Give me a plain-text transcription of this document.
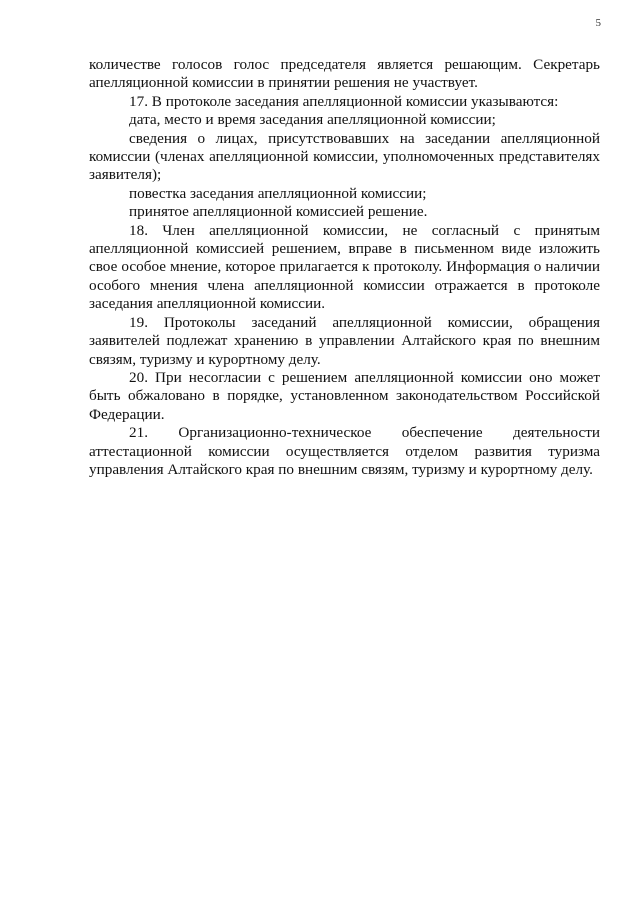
5

количестве голосов голос председателя является решающим. Секретарь апелляционной комиссии в принятии решения не участвует.

17. В протоколе заседания апелляционной комиссии указываются:

дата, место и время заседания апелляционной комиссии;

сведения о лицах, присутствовавших на заседании апелляционной комиссии (членах апелляционной комиссии, уполномоченных представителях заявителя);

повестка заседания апелляционной комиссии;

принятое апелляционной комиссией решение.

18. Член апелляционной комиссии, не согласный с принятым апелляционной комиссией решением, вправе в письменном виде изложить свое особое мнение, которое прилагается к протоколу. Информация о наличии особого мнения члена апелляционной комиссии отражается в протоколе заседания апелляционной комиссии.

19. Протоколы заседаний апелляционной комиссии, обращения заявителей подлежат хранению в управлении Алтайского края по внешним связям, туризму и курортному делу.

20. При несогласии с решением апелляционной комиссии оно может быть обжаловано в порядке, установленном законодательством Российской Федерации.

21. Организационно-техническое обеспечение деятельности аттестационной комиссии осуществляется отделом развития туризма управления Алтайского края по внешним связям, туризму и курортному делу.
